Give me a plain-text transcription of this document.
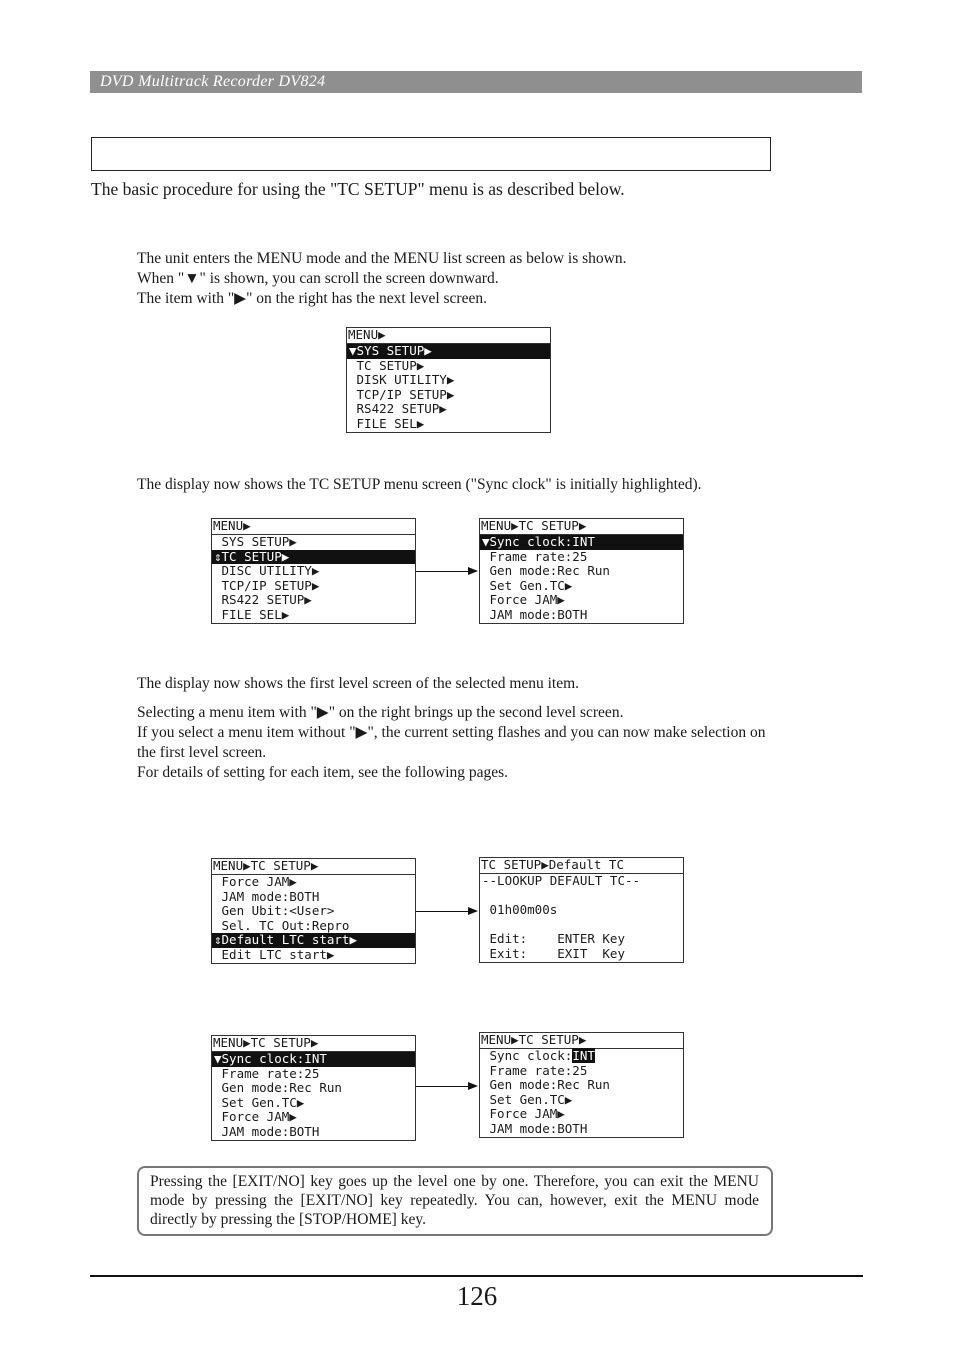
DVD Multitrack Recorder DV824
The basic procedure for using the "TC SETUP" menu is as described below.
The unit enters the MENU mode and the MENU list screen as below is shown.
When "▼" is shown, you can scroll the screen downward.
The item with "▶" on the right has the next level screen.
MENU▶
▼SYS SETUP▶
TC SETUP▶
DISK UTILITY▶
TCP/IP SETUP▶
RS422 SETUP▶
FILE SEL▶
The display now shows the TC SETUP menu screen ("Sync clock" is initially highlighted).
MENU▶
SYS SETUP▶
⇕TC SETUP▶
DISC UTILITY▶
TCP/IP SETUP▶
RS422 SETUP▶
FILE SEL▶
MENU▶TC SETUP▶
▼Sync clock:INT
Frame rate:25
Gen mode:Rec Run
Set Gen.TC▶
Force JAM▶
JAM mode:BOTH
The display now shows the first level screen of the selected menu item.
Selecting a menu item with "▶" on the right brings up the second level screen.
If you select a menu item without "▶", the current setting flashes and you can now make selection on the first level screen.
For details of setting for each item, see the following pages.
MENU▶TC SETUP▶
Force JAM▶
JAM mode:BOTH
Gen Ubit:<User>
Sel. TC Out:Repro
⇕Default LTC start▶
Edit LTC start▶
TC SETUP▶Default TC
--LOOKUP DEFAULT TC--
01h00m00s
Edit:    ENTER Key
Exit:    EXIT  Key
MENU▶TC SETUP▶
▼Sync clock:INT
Frame rate:25
Gen mode:Rec Run
Set Gen.TC▶
Force JAM▶
JAM mode:BOTH
MENU▶TC SETUP▶
Sync clock:INT
Frame rate:25
Gen mode:Rec Run
Set Gen.TC▶
Force JAM▶
JAM mode:BOTH
Pressing the [EXIT/NO] key goes up the level one by one. Therefore, you can exit the MENU mode by pressing the [EXIT/NO] key repeatedly. You can, however, exit the MENU mode directly by pressing the [STOP/HOME] key.
126
